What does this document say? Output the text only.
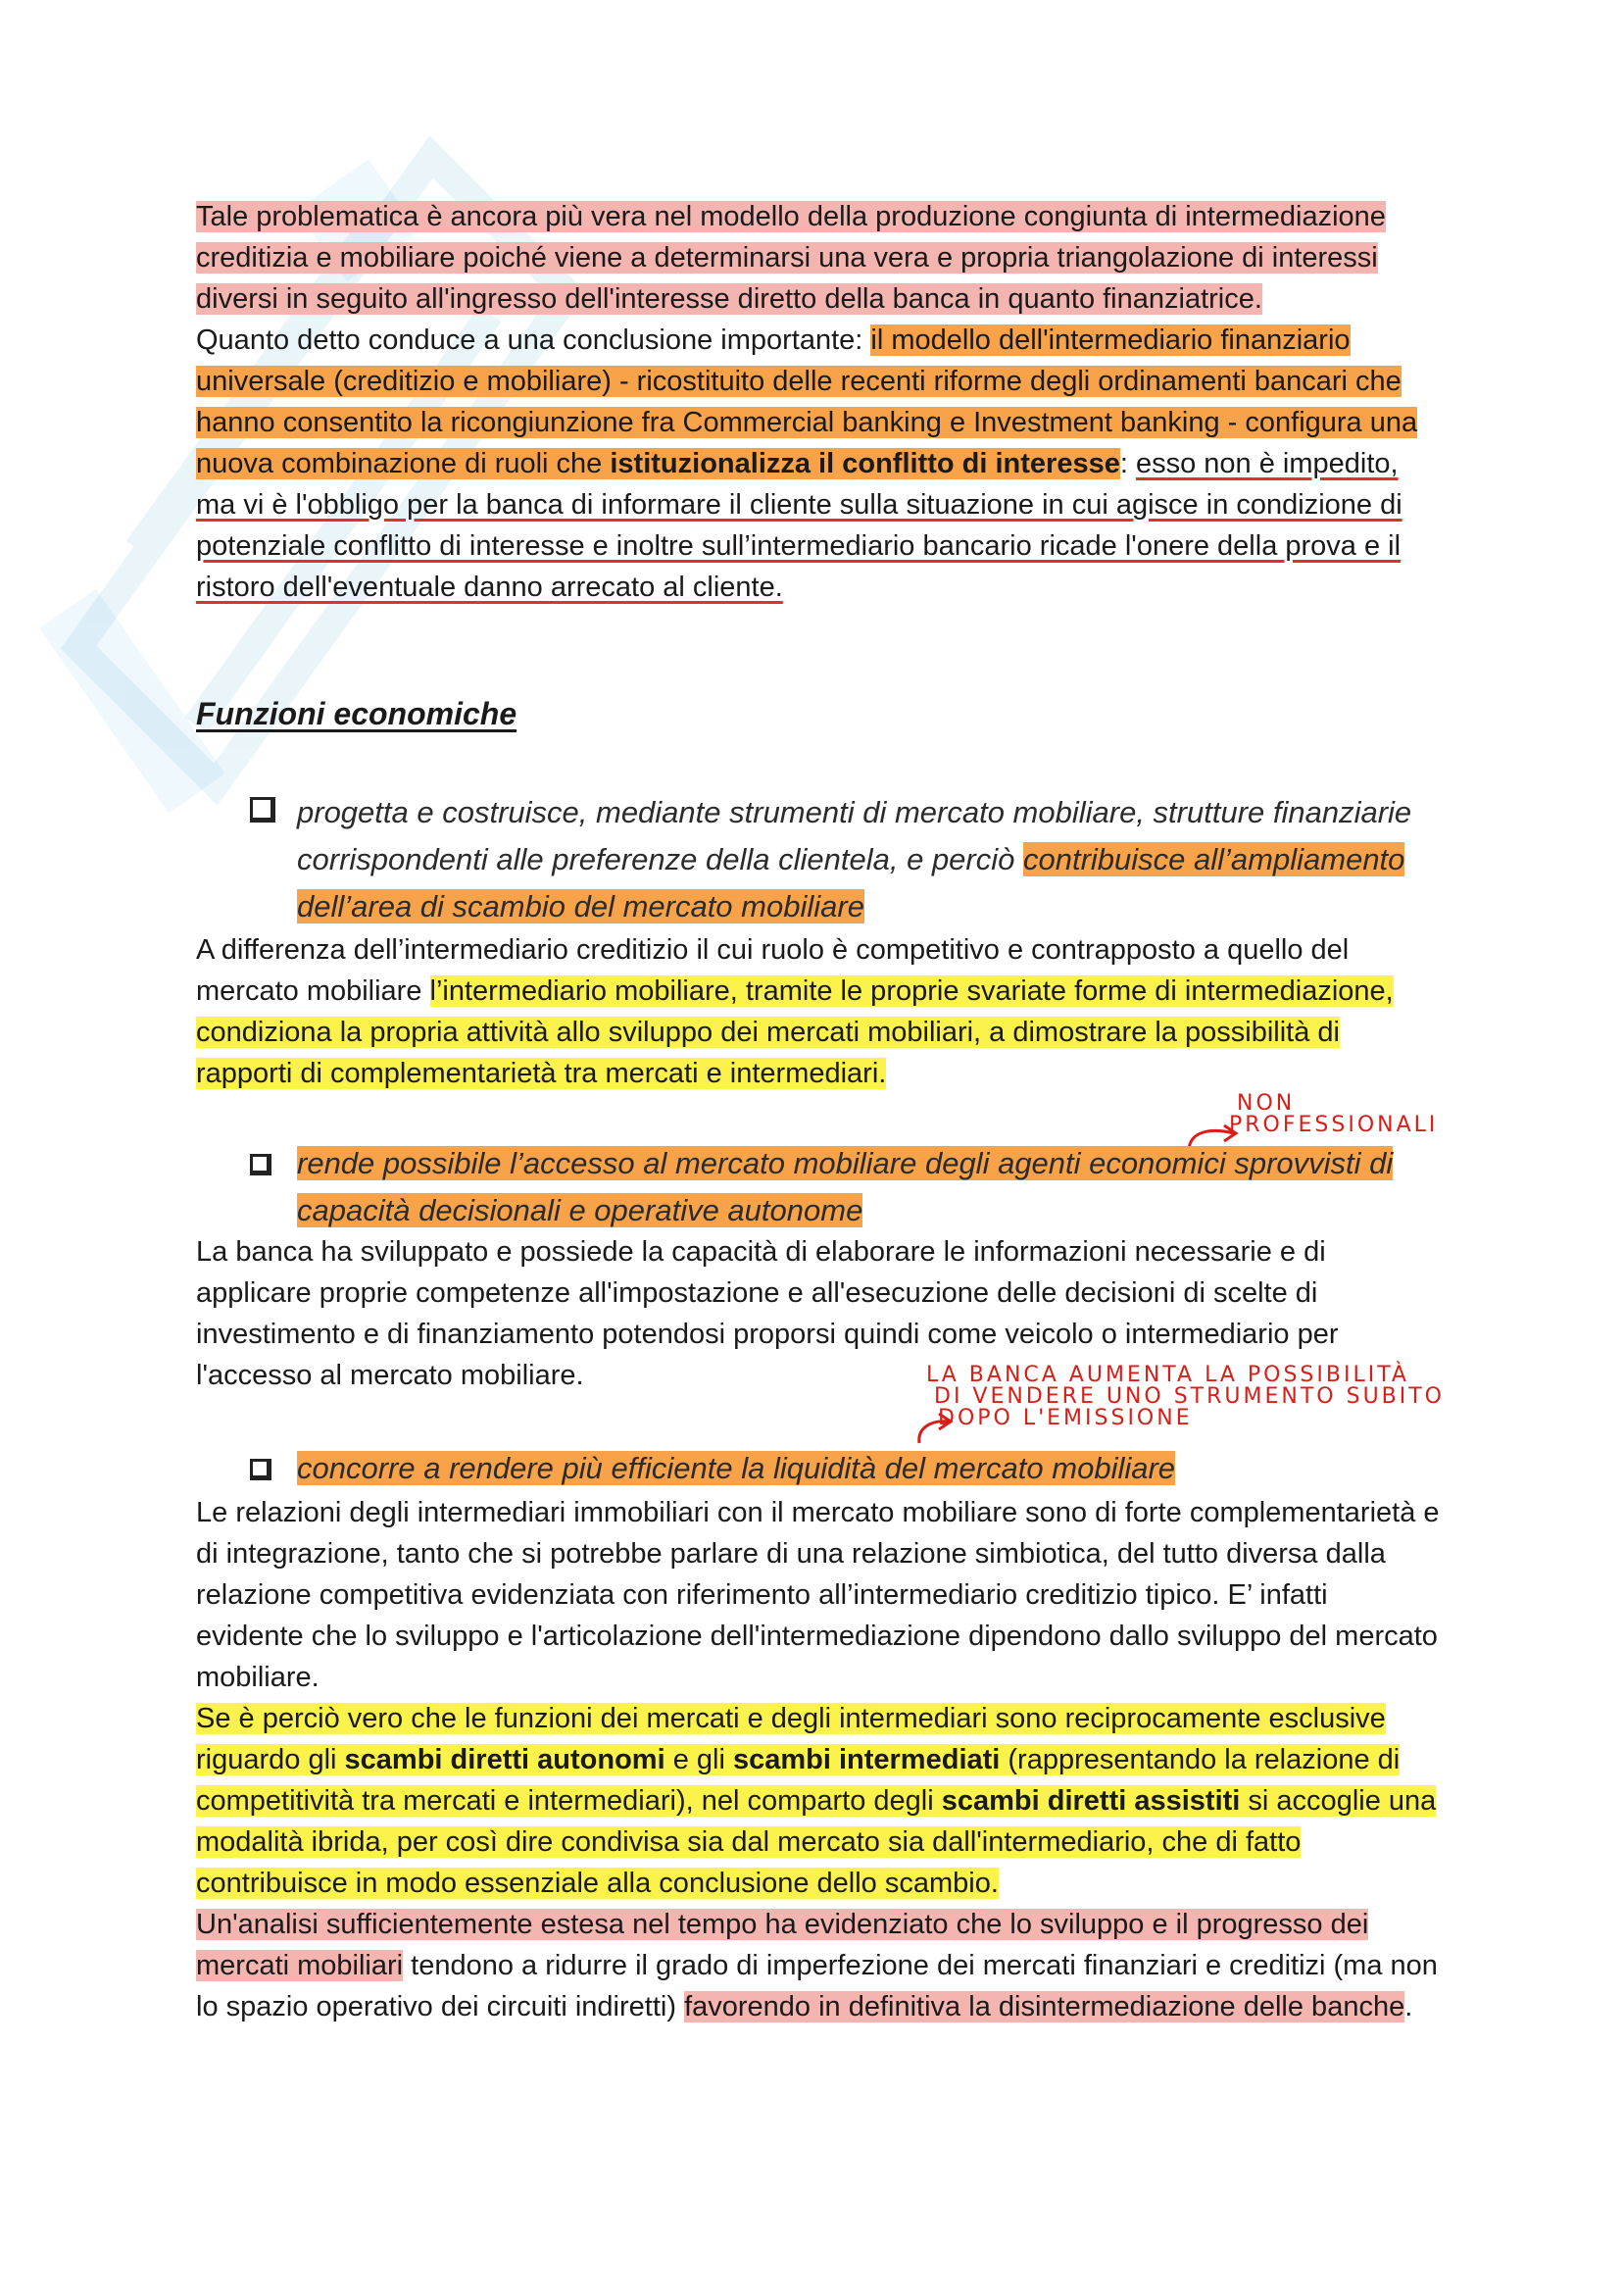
Tale problematica è ancora più vera nel modello della produzione congiunta di intermediazione creditizia e mobiliare poiché viene a determinarsi una vera e propria triangolazione di interessi diversi in seguito all'ingresso dell'interesse diretto della banca in quanto finanziatrice.

Quanto detto conduce a una conclusione importante: il modello dell'intermediario finanziario universale (creditizio e mobiliare) - ricostituito delle recenti riforme degli ordinamenti bancari che hanno consentito la ricongiunzione fra Commercial banking e Investment banking - configura una nuova combinazione di ruoli che istituzionalizza il conflitto di interesse: esso non è impedito, ma vi è l'obbligo per la banca di informare il cliente sulla situazione in cui agisce in condizione di potenziale conflitto di interesse e inoltre sull’intermediario bancario ricade l'onere della prova e il ristoro dell'eventuale danno arrecato al cliente.

Funzioni economiche
progetta e costruisce, mediante strumenti di mercato mobiliare, strutture finanziarie corrispondenti alle preferenze della clientela, e perciò contribuisce all’ampliamento dell’area di scambio del mercato mobiliare

A differenza dell’intermediario creditizio il cui ruolo è competitivo e contrapposto a quello del mercato mobiliare l’intermediario mobiliare, tramite le proprie svariate forme di intermediazione, condiziona la propria attività allo sviluppo dei mercati mobiliari, a dimostrare la possibilità di rapporti di complementarietà tra mercati e intermediari.

NON
PROFESSIONALI
rende possibile l’accesso al mercato mobiliare degli agenti economici sprovvisti di capacità decisionali e operative autonome

La banca ha sviluppato e possiede la capacità di elaborare le informazioni necessarie e di applicare proprie competenze all'impostazione e all'esecuzione delle decisioni di scelte di investimento e di finanziamento potendosi proporsi quindi come veicolo o intermediario per l'accesso al mercato mobiliare.	LA BANCA AUMENTA LA POSSIBILITÀ
DI VENDERE UNO STRUMENTO SUBITO
DOPO L'EMISSIONE
concorre a rendere più efficiente la liquidità del mercato mobiliare

Le relazioni degli intermediari immobiliari con il mercato mobiliare sono di forte complementarietà e di integrazione, tanto che si potrebbe parlare di una relazione simbiotica, del tutto diversa dalla relazione competitiva evidenziata con riferimento all’intermediario creditizio tipico. E’ infatti evidente che lo sviluppo e l'articolazione dell'intermediazione dipendono dallo sviluppo del mercato mobiliare.

Se è perciò vero che le funzioni dei mercati e degli intermediari sono reciprocamente esclusive riguardo gli scambi diretti autonomi e gli scambi intermediati (rappresentando la relazione di competitività tra mercati e intermediari), nel comparto degli scambi diretti assistiti si accoglie una modalità ibrida, per così dire condivisa sia dal mercato sia dall'intermediario, che di fatto contribuisce in modo essenziale alla conclusione dello scambio.

Un'analisi sufficientemente estesa nel tempo ha evidenziato che lo sviluppo e il progresso dei mercati mobiliari tendono a ridurre il grado di imperfezione dei mercati finanziari e creditizi (ma non lo spazio operativo dei circuiti indiretti) favorendo in definitiva la disintermediazione delle banche.
